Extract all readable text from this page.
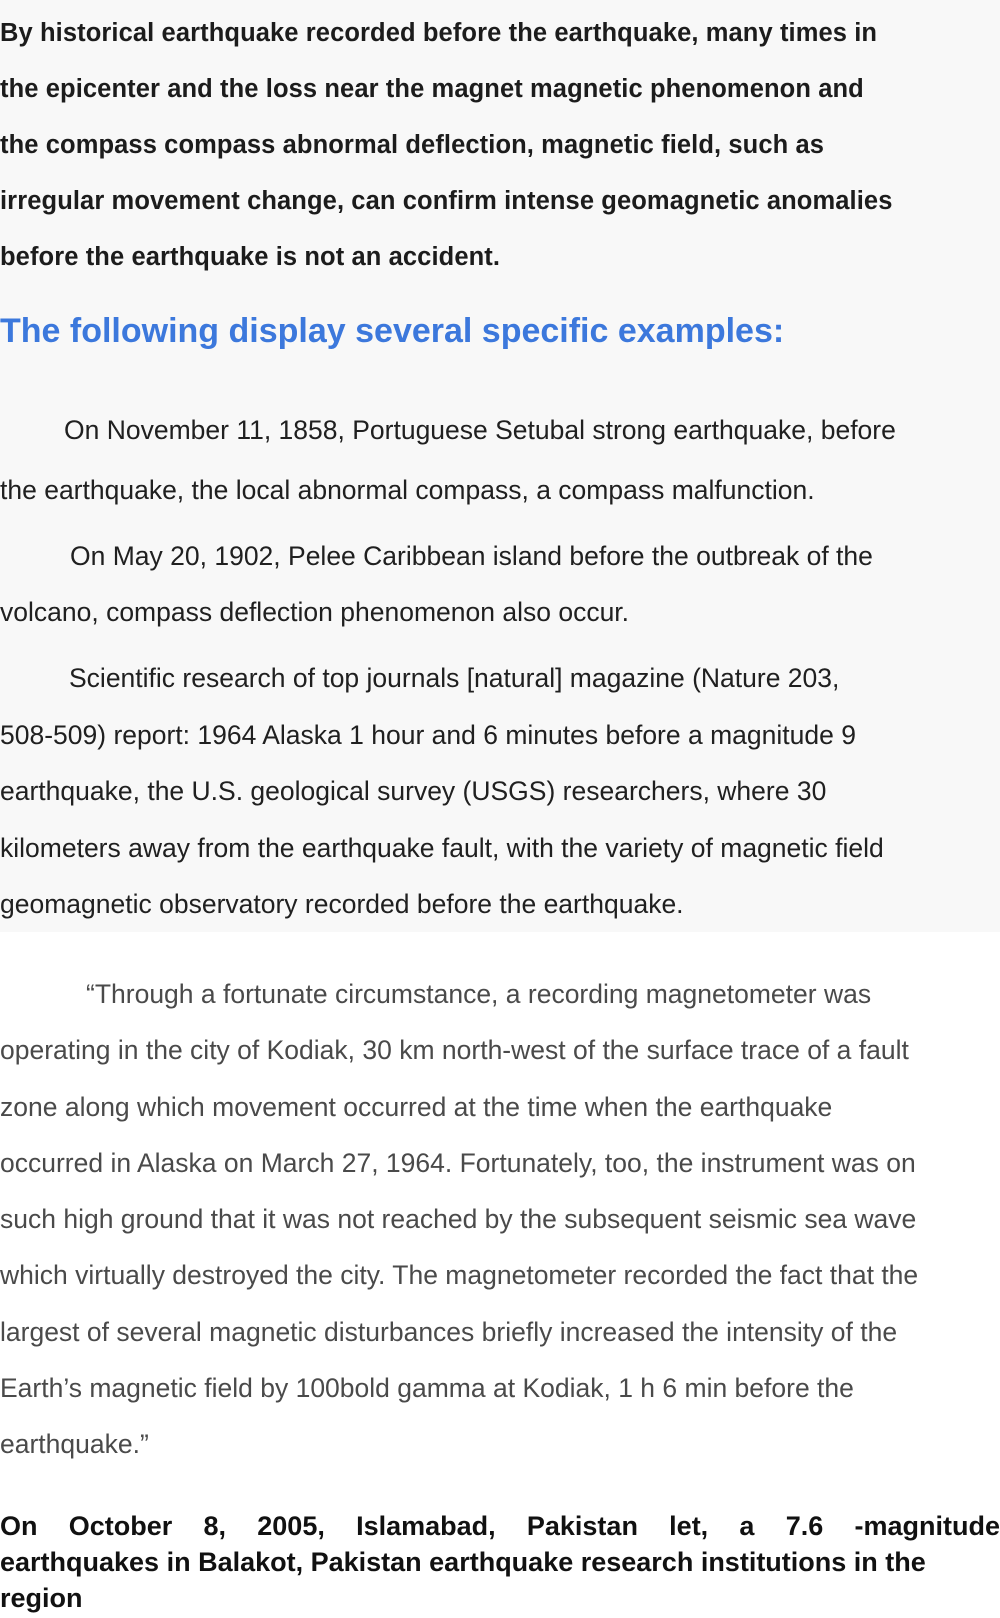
By historical earthquake recorded before the earthquake, many times in
the epicenter and the loss near the magnet magnetic phenomenon and
the compass compass abnormal deflection, magnetic field, such as
irregular movement change, can confirm intense geomagnetic anomalies
before the earthquake is not an accident.

The following display several specific examples:

On November 11, 1858, Portuguese Setubal strong earthquake, before
the earthquake, the local abnormal compass, a compass malfunction.

On May 20, 1902, Pelee Caribbean island before the outbreak of the
volcano, compass deflection phenomenon also occur.

Scientific research of top journals [natural] magazine (Nature 203,
508-509) report: 1964 Alaska 1 hour and 6 minutes before a magnitude 9
earthquake, the U.S. geological survey (USGS) researchers, where 30
kilometers away from the earthquake fault, with the variety of magnetic field
geomagnetic observatory recorded before the earthquake.

“Through a fortunate circumstance, a recording magnetometer was
operating in the city of Kodiak, 30 km north-west of the surface trace of a fault
zone along which movement occurred at the time when the earthquake
occurred in Alaska on March 27, 1964. Fortunately, too, the instrument was on
such high ground that it was not reached by the subsequent seismic sea wave
which virtually destroyed the city. The magnetometer recorded the fact that the
largest of several magnetic disturbances briefly increased the intensity of the
Earth’s magnetic field by 100bold gamma at Kodiak, 1 h 6 min before the
earthquake.”

On October 8, 2005, Islamabad, Pakistan let, a 7.6 -magnitude
earthquakes in Balakot, Pakistan earthquake research institutions in the
region
